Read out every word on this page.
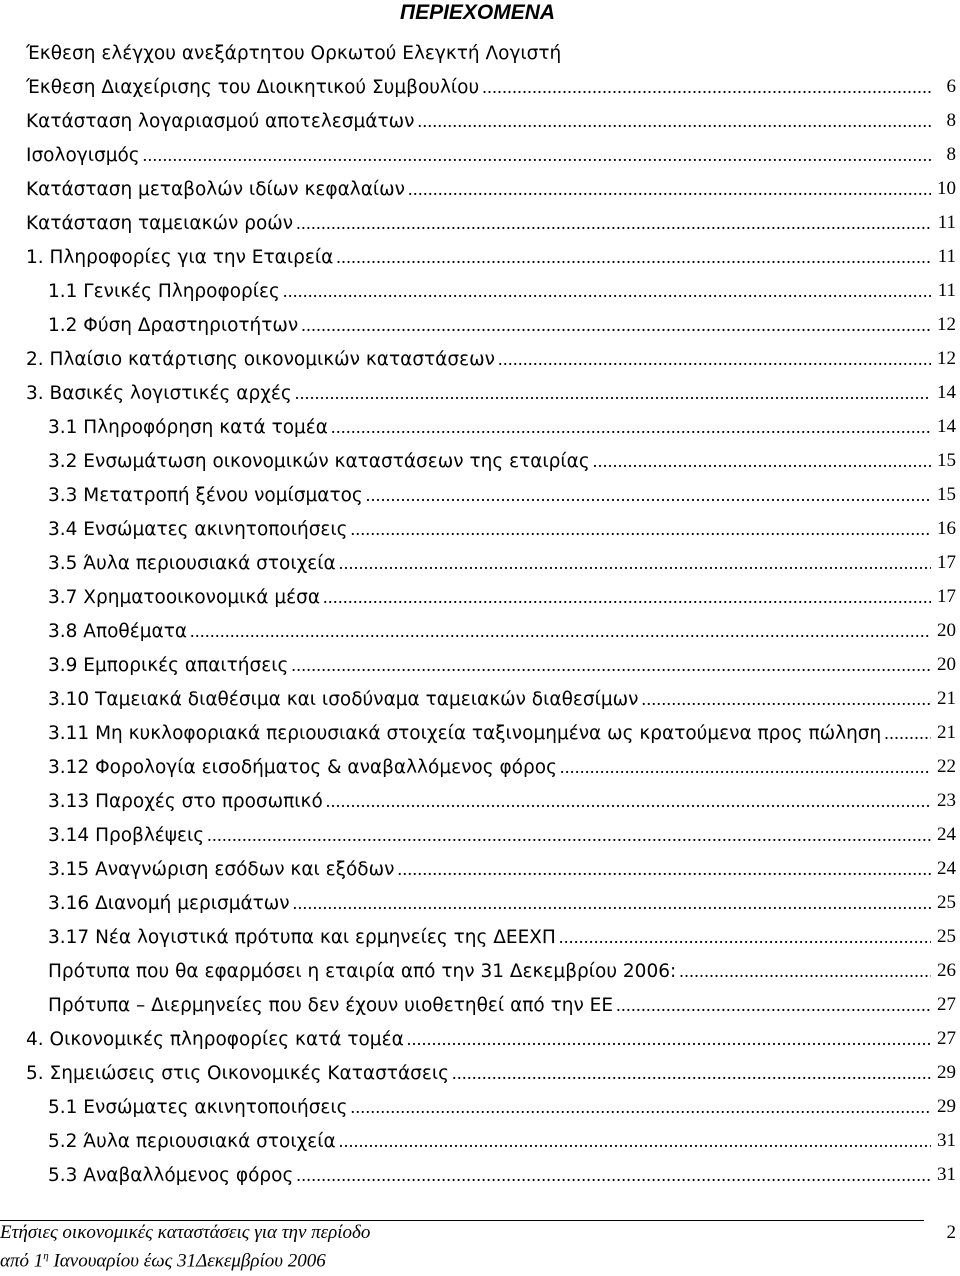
ΠΕΡΙΕΧΟΜΕΝΑ
Έκθεση ελέγχου ανεξάρτητου Ορκωτού Ελεγκτή Λογιστή
Έκθεση Διαχείρισης του Διοικητικού Συμβουλίου .....	6
Κατάσταση λογαριασμού αποτελεσμάτων .....	8
Ισολογισμός .....	8
Κατάσταση μεταβολών ιδίων κεφαλαίων .....	10
Κατάσταση ταμειακών ροών .....	11
1. Πληροφορίες για την Εταιρεία .....	11
1.1 Γενικές Πληροφορίες .....	11
1.2 Φύση Δραστηριοτήτων .....	12
2. Πλαίσιο κατάρτισης οικονομικών καταστάσεων .....	12
3. Βασικές λογιστικές αρχές .....	14
3.1 Πληροφόρηση κατά τομέα .....	14
3.2 Ενσωμάτωση οικονομικών καταστάσεων της εταιρίας .....	15
3.3 Μετατροπή ξένου νομίσματος .....	15
3.4 Ενσώματες ακινητοποιήσεις .....	16
3.5 Άυλα περιουσιακά στοιχεία .....	17
3.7 Χρηματοοικονομικά μέσα .....	17
3.8 Αποθέματα .....	20
3.9 Εμπορικές απαιτήσεις .....	20
3.10 Ταμειακά διαθέσιμα και ισοδύναμα ταμειακών διαθεσίμων .....	21
3.11 Μη κυκλοφοριακά περιουσιακά στοιχεία ταξινομημένα ως κρατούμενα προς πώληση .....	21
3.12 Φορολογία εισοδήματος & αναβαλλόμενος φόρος .....	22
3.13 Παροχές στο προσωπικό .....	23
3.14 Προβλέψεις .....	24
3.15 Αναγνώριση εσόδων και εξόδων .....	24
3.16 Διανομή μερισμάτων .....	25
3.17 Νέα λογιστικά πρότυπα και ερμηνείες της ΔΕΕΧΠ .....	25
Πρότυπα που θα εφαρμόσει η εταιρία από την 31 Δεκεμβρίου 2006: .....	26
Πρότυπα – Διερμηνείες που δεν έχουν υιοθετηθεί από την ΕΕ .....	27
4. Οικονομικές πληροφορίες κατά τομέα .....	27
5. Σημειώσεις στις Οικονομικές Καταστάσεις .....	29
5.1 Ενσώματες ακινητοποιήσεις .....	29
5.2 Άυλα περιουσιακά στοιχεία .....	31
5.3 Αναβαλλόμενος φόρος .....	31
Ετήσιες οικονομικές καταστάσεις για την περίοδο
από $1^\eta$ Ιανουαρίου έως 31Δεκεμβρίου 2006
2
